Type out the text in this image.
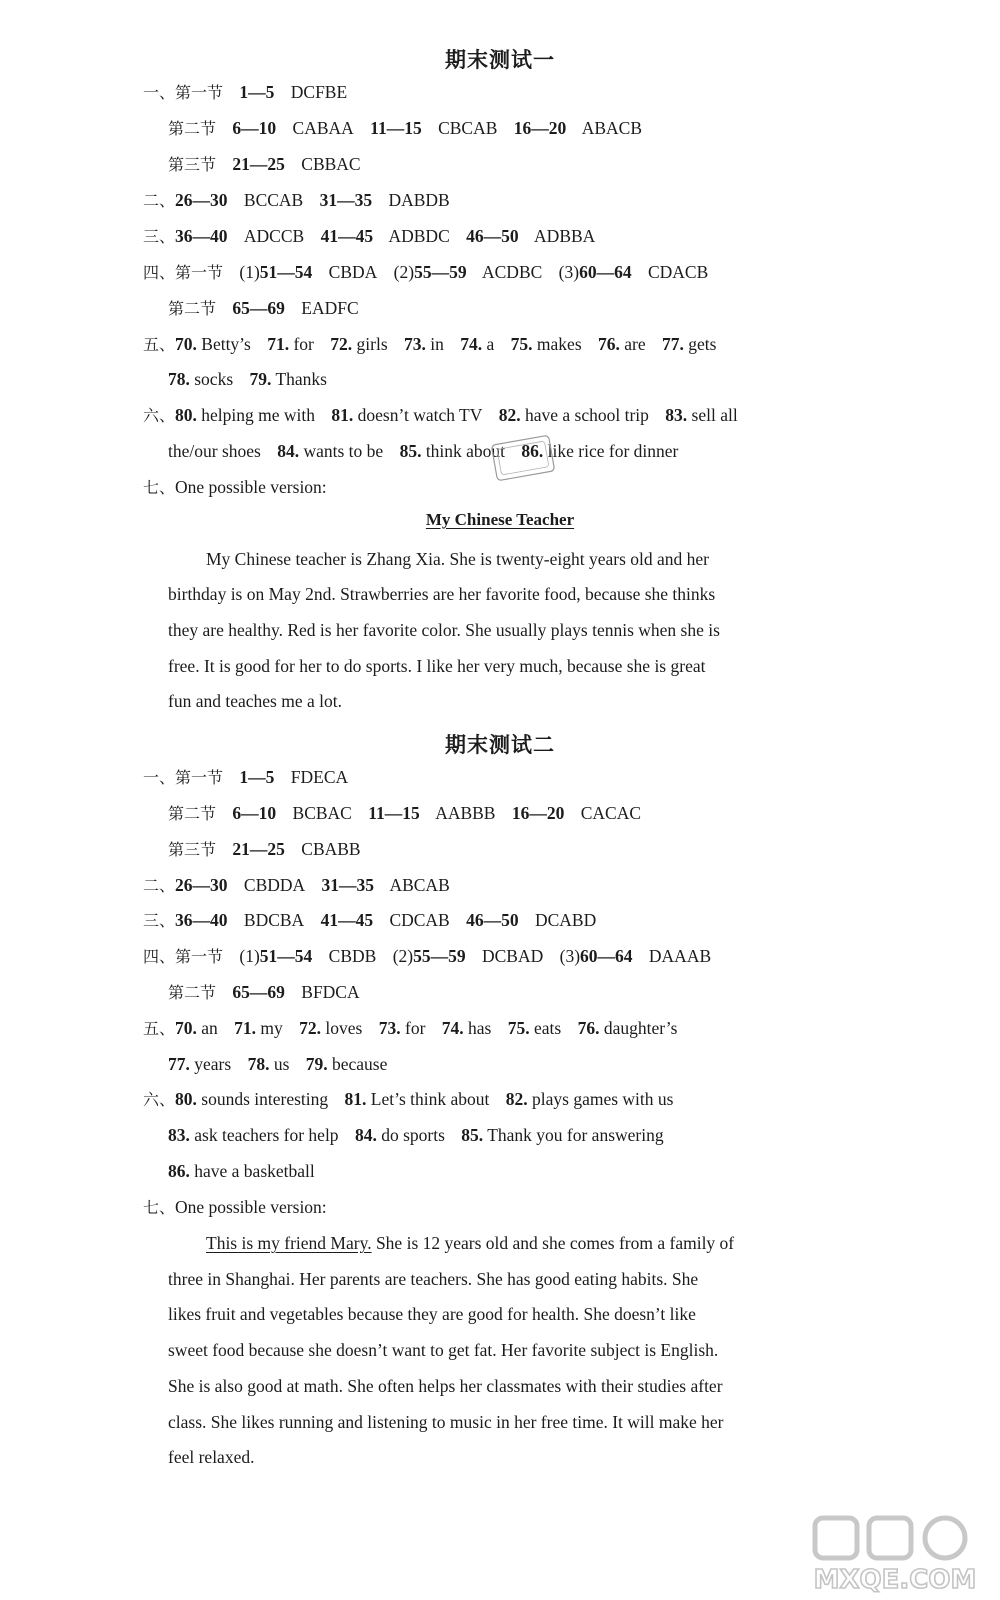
期末测试一
一、第一节 1—5 DCFBE
第二节 6—10 CABAA 11—15 CBCAB 16—20 ABACB
第三节 21—25 CBBAC
二、26—30 BCCAB 31—35 DABDB
三、36—40 ADCCB 41—45 ADBDC 46—50 ADBBA
四、第一节 (1)51—54 CBDA (2)55—59 ACDBC (3)60—64 CDACB
第二节 65—69 EADFC
五、70. Betty’s 71. for 72. girls 73. in 74. a 75. makes 76. are 77. gets
78. socks 79. Thanks
六、80. helping me with 81. doesn’t watch TV 82. have a school trip 83. sell all
the/our shoes 84. wants to be 85. think about 86. like rice for dinner
七、One possible version:
My Chinese Teacher
My Chinese teacher is Zhang Xia. She is twenty-eight years old and her
birthday is on May 2nd. Strawberries are her favorite food, because she thinks
they are healthy. Red is her favorite color. She usually plays tennis when she is
free. It is good for her to do sports. I like her very much, because she is great
fun and teaches me a lot.
期末测试二
一、第一节 1—5 FDECA
第二节 6—10 BCBAC 11—15 AABBB 16—20 CACAC
第三节 21—25 CBABB
二、26—30 CBDDA 31—35 ABCAB
三、36—40 BDCBA 41—45 CDCAB 46—50 DCABD
四、第一节 (1)51—54 CBDB (2)55—59 DCBAD (3)60—64 DAAAB
第二节 65—69 BFDCA
五、70. an 71. my 72. loves 73. for 74. has 75. eats 76. daughter’s
77. years 78. us 79. because
六、80. sounds interesting 81. Let’s think about 82. plays games with us
83. ask teachers for help 84. do sports 85. Thank you for answering
86. have a basketball
七、One possible version:
This is my friend Mary. She is 12 years old and she comes from a family of
three in Shanghai. Her parents are teachers. She has good eating habits. She
likes fruit and vegetables because they are good for health. She doesn’t like
sweet food because she doesn’t want to get fat. Her favorite subject is English.
She is also good at math. She often helps her classmates with their studies after
class. She likes running and listening to music in her free time. It will make her
feel relaxed.
MXQE.COM
